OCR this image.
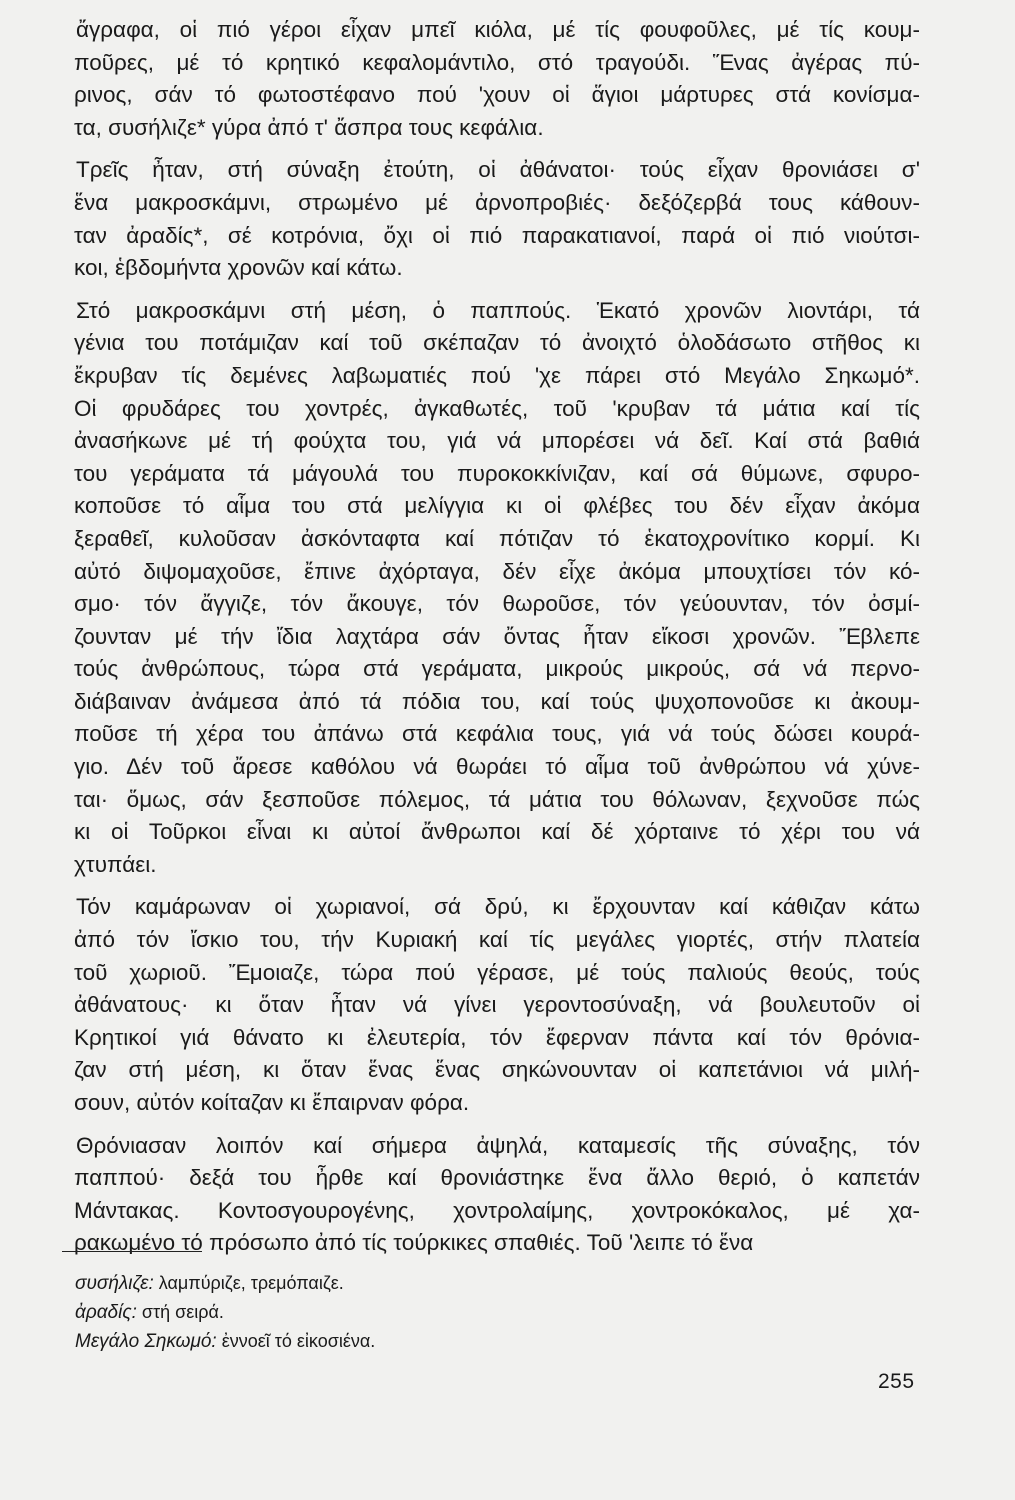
ἄγραφα, οἱ πιό γέροι εἶχαν μπεῖ κιόλα, μέ τίς φουφοῦλες, μέ τίς κουμ-
ποῦρες, μέ τό κρητικό κεφαλομάντιλο, στό τραγούδι. Ἕνας ἀγέρας πύ-
ρινος, σάν τό φωτοστέφανο πού 'χουν οἱ ἅγιοι μάρτυρες στά κονίσμα-
τα, συσήλιζε* γύρα ἀπό τ' ἄσπρα τους κεφάλια.

Τρεῖς ἦταν, στή σύναξη ἐτούτη, οἱ ἀθάνατοι· τούς εἶχαν θρονιάσει σ'
ἕνα μακροσκάμνι, στρωμένο μέ ἀρνοπροβιές· δεξόζερβά τους κάθουν-
ταν ἀραδίς*, σέ κοτρόνια, ὄχι οἱ πιό παρακατιανοί, παρά οἱ πιό νιούτσι-
κοι, ἑβδομήντα χρονῶν καί κάτω.

Στό μακροσκάμνι στή μέση, ὁ παππούς. Ἑκατό χρονῶν λιοντάρι, τά
γένια του ποτάμιζαν καί τοῦ σκέπαζαν τό ἀνοιχτό ὁλοδάσωτο στῆθος κι
ἔκρυβαν τίς δεμένες λαβωματιές πού 'χε πάρει στό Μεγάλο Σηκωμό*.
Οἱ φρυδάρες του χοντρές, ἀγκαθωτές, τοῦ 'κρυβαν τά μάτια καί τίς
ἀνασήκωνε μέ τή φούχτα του, γιά νά μπορέσει νά δεῖ. Καί στά βαθιά
του γεράματα τά μάγουλά του πυροκοκκίνιζαν, καί σά θύμωνε, σφυρο-
κοποῦσε τό αἷμα του στά μελίγγια κι οἱ φλέβες του δέν εἶχαν ἀκόμα
ξεραθεῖ, κυλοῦσαν ἀσκόνταφτα καί πότιζαν τό ἑκατοχρονίτικο κορμί. Κι
αὐτό διψομαχοῦσε, ἔπινε ἀχόρταγα, δέν εἶχε ἀκόμα μπουχτίσει τόν κό-
σμο· τόν ἄγγιζε, τόν ἄκουγε, τόν θωροῦσε, τόν γεύουνταν, τόν ὀσμί-
ζουνταν μέ τήν ἴδια λαχτάρα σάν ὄντας ἦταν εἴκοσι χρονῶν. Ἔβλεπε
τούς ἀνθρώπους, τώρα στά γεράματα, μικρούς μικρούς, σά νά περνο-
διάβαιναν ἀνάμεσα ἀπό τά πόδια του, καί τούς ψυχοπονοῦσε κι ἀκουμ-
ποῦσε τή χέρα του ἀπάνω στά κεφάλια τους, γιά νά τούς δώσει κουρά-
γιο. Δέν τοῦ ἄρεσε καθόλου νά θωράει τό αἷμα τοῦ ἀνθρώπου νά χύνε-
ται· ὅμως, σάν ξεσποῦσε πόλεμος, τά μάτια του θόλωναν, ξεχνοῦσε πώς
κι οἱ Τοῦρκοι εἶναι κι αὐτοί ἄνθρωποι καί δέ χόρταινε τό χέρι του νά
χτυπάει.

Τόν καμάρωναν οἱ χωριανοί, σά δρύ, κι ἔρχουνταν καί κάθιζαν κάτω
ἀπό τόν ἴσκιο του, τήν Κυριακή καί τίς μεγάλες γιορτές, στήν πλατεία
τοῦ χωριοῦ. Ἔμοιαζε, τώρα πού γέρασε, μέ τούς παλιούς θεούς, τούς
ἀθάνατους· κι ὅταν ἦταν νά γίνει γεροντοσύναξη, νά βουλευτοῦν οἱ
Κρητικοί γιά θάνατο κι ἐλευτερία, τόν ἔφερναν πάντα καί τόν θρόνια-
ζαν στή μέση, κι ὅταν ἕνας ἕνας σηκώνουνταν οἱ καπετάνιοι νά μιλή-
σουν, αὐτόν κοίταζαν κι ἔπαιρναν φόρα.

Θρόνιασαν λοιπόν καί σήμερα ἀψηλά, καταμεσίς τῆς σύναξης, τόν
παππού· δεξά του ἦρθε καί θρονιάστηκε ἕνα ἄλλο θεριό, ὁ καπετάν
Μάντακας. Κοντοσγουρογένης, χοντρολαίμης, χοντροκόκαλος, μέ χα-
ρακωμένο τό πρόσωπο ἀπό τίς τούρκικες σπαθιές. Τοῦ 'λειπε τό ἕνα

συσήλιζε: λαμπύριζε, τρεμόπαιζε.
ἀραδίς: στή σειρά.
Μεγάλο Σηκωμό: ἐννοεῖ τό εἰκοσιένα.
255
